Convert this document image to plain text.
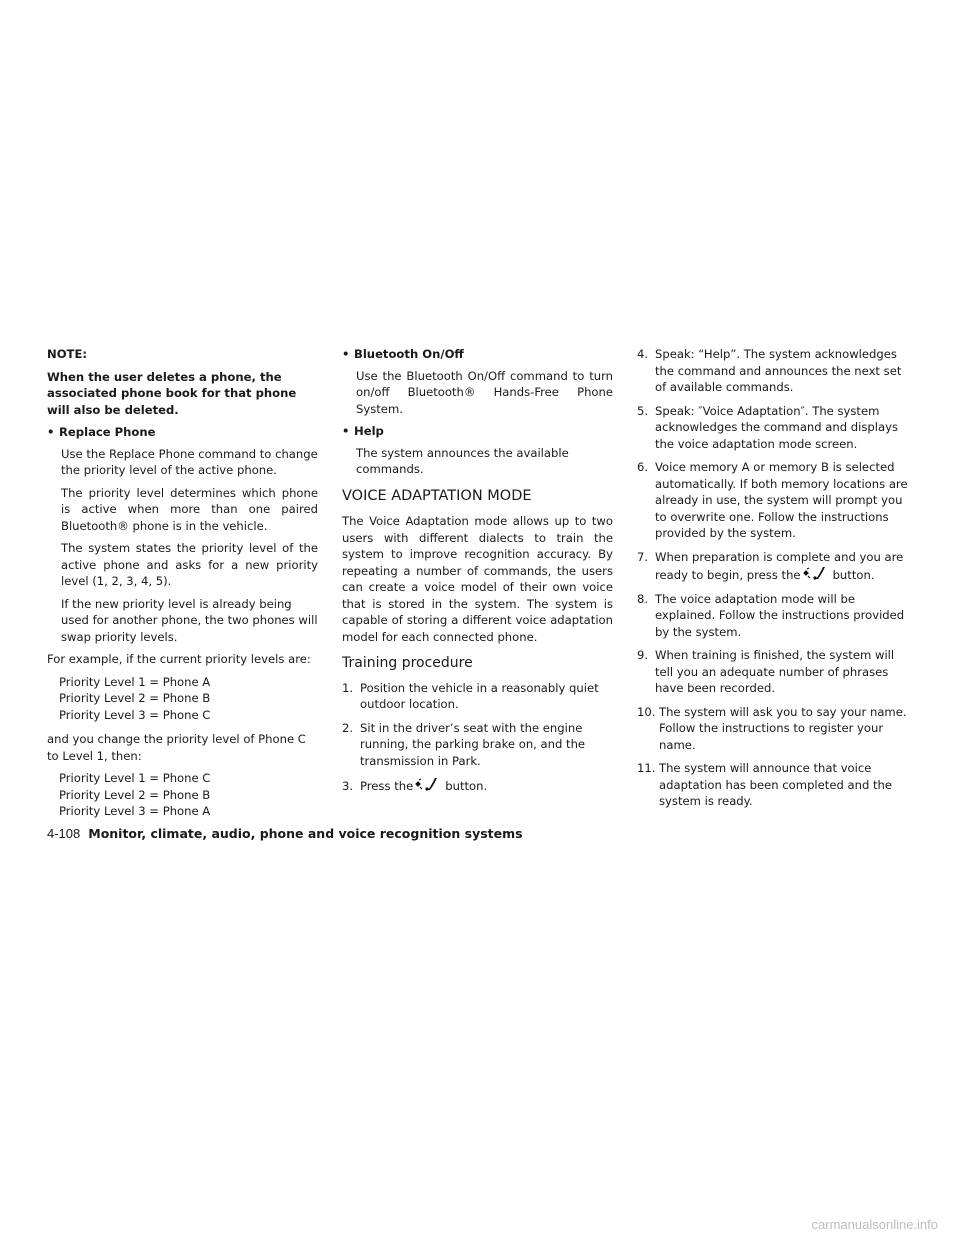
NOTE:

When the user deletes a phone, the associated phone book for that phone will also be deleted.

• Replace Phone

Use the Replace Phone command to change the priority level of the active phone.

The priority level determines which phone is active when more than one paired Bluetooth® phone is in the vehicle.

The system states the priority level of the active phone and asks for a new priority level (1, 2, 3, 4, 5).

If the new priority level is already being used for another phone, the two phones will swap priority levels.

For example, if the current priority levels are:

Priority Level 1 = Phone A

Priority Level 2 = Phone B

Priority Level 3 = Phone C

and you change the priority level of Phone C to Level 1, then:

Priority Level 1 = Phone C

Priority Level 2 = Phone B

Priority Level 3 = Phone A

• Bluetooth On/Off

Use the Bluetooth On/Off command to turn on/off Bluetooth® Hands-Free Phone System.

• Help

The system announces the available commands.

VOICE ADAPTATION MODE

The Voice Adaptation mode allows up to two users with different dialects to train the system to improve recognition accuracy. By repeating a number of commands, the users can create a voice model of their own voice that is stored in the system. The system is capable of storing a different voice adaptation model for each connected phone.

Training procedure

1. Position the vehicle in a reasonably quiet outdoor location.

2. Sit in the driver’s seat with the engine running, the parking brake on, and the transmission in Park.

3. Press the	button.

4. Speak: “Help”. The system acknowledges the command and announces the next set of available commands.

5. Speak: ″Voice Adaptation″. The system acknowledges the command and displays the voice adaptation mode screen.

6. Voice memory A or memory B is selected automatically. If both memory locations are already in use, the system will prompt you to overwrite one. Follow the instructions provided by the system.

7. When preparation is complete and you are ready to begin, press the	button.

8. The voice adaptation mode will be explained. Follow the instructions provided by the system.

9. When training is finished, the system will tell you an adequate number of phrases have been recorded.

10. The system will ask you to say your name. Follow the instructions to register your name.

11. The system will announce that voice adaptation has been completed and the system is ready.

4-108 Monitor, climate, audio, phone and voice recognition systems
carmanualsonline.info
